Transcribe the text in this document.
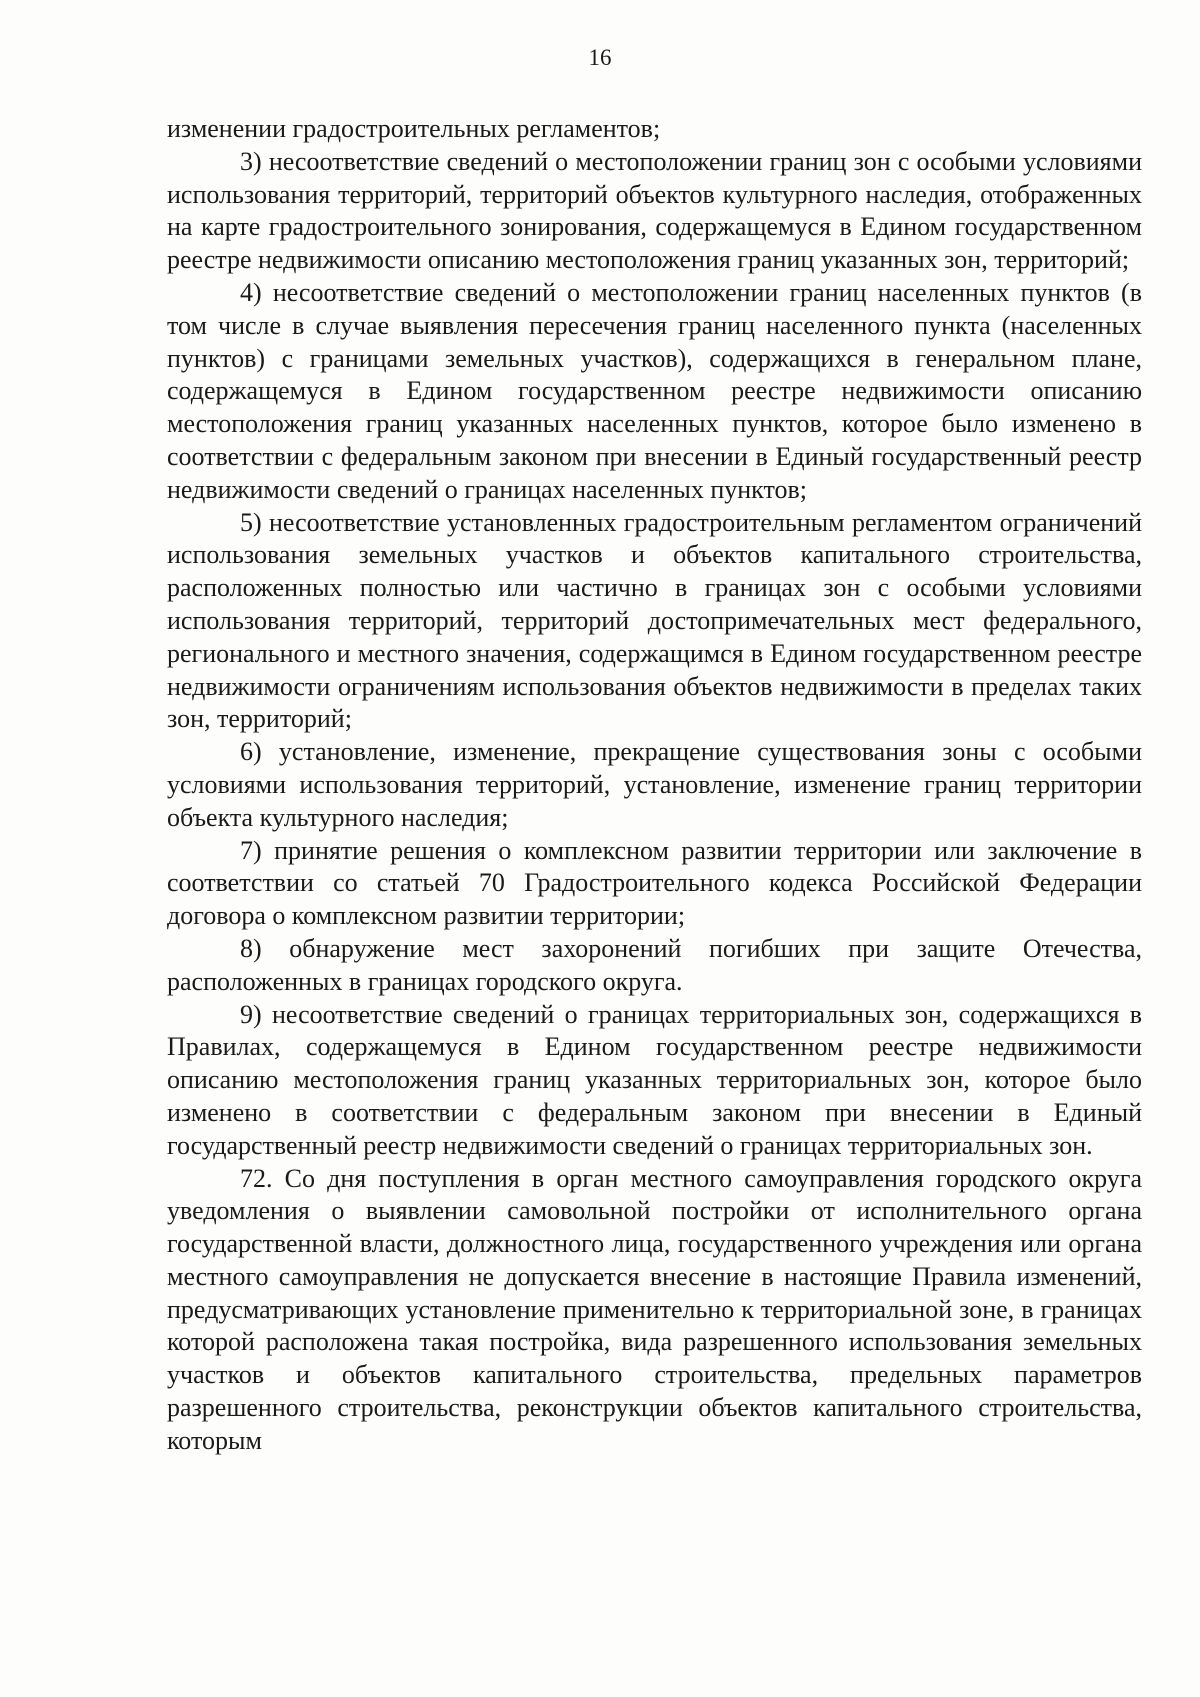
16

изменении градостроительных регламентов;

3) несоответствие сведений о местоположении границ зон с особыми условиями использования территорий, территорий объектов культурного наследия, отображенных на карте градостроительного зонирования, содержащемуся в Едином государственном реестре недвижимости описанию местоположения границ указанных зон, территорий;

4) несоответствие сведений о местоположении границ населенных пунктов (в том числе в случае выявления пересечения границ населенного пункта (населенных пунктов) с границами земельных участков), содержащихся в генеральном плане, содержащемуся в Едином государственном реестре недвижимости описанию местоположения границ указанных населенных пунктов, которое было изменено в соответствии с федеральным законом при внесении в Единый государственный реестр недвижимости сведений о границах населенных пунктов;

5) несоответствие установленных градостроительным регламентом ограничений использования земельных участков и объектов капитального строительства, расположенных полностью или частично в границах зон с особыми условиями использования территорий, территорий достопримечательных мест федерального, регионального и местного значения, содержащимся в Едином государственном реестре недвижимости ограничениям использования объектов недвижимости в пределах таких зон, территорий;

6) установление, изменение, прекращение существования зоны с особыми условиями использования территорий, установление, изменение границ территории объекта культурного наследия;

7) принятие решения о комплексном развитии территории или заключение в соответствии со статьей 70 Градостроительного кодекса Российской Федерации договора о комплексном развитии территории;

8) обнаружение мест захоронений погибших при защите Отечества, расположенных в границах городского округа.

9) несоответствие сведений о границах территориальных зон, содержащихся в Правилах, содержащемуся в Едином государственном реестре недвижимости описанию местоположения границ указанных территориальных зон, которое было изменено в соответствии с федеральным законом при внесении в Единый государственный реестр недвижимости сведений о границах территориальных зон.

72. Со дня поступления в орган местного самоуправления городского округа уведомления о выявлении самовольной постройки от исполнительного органа государственной власти, должностного лица, государственного учреждения или органа местного самоуправления не допускается внесение в настоящие Правила изменений, предусматривающих установление применительно к территориальной зоне, в границах которой расположена такая постройка, вида разрешенного использования земельных участков и объектов капитального строительства, предельных параметров разрешенного строительства, реконструкции объектов капитального строительства, которым
